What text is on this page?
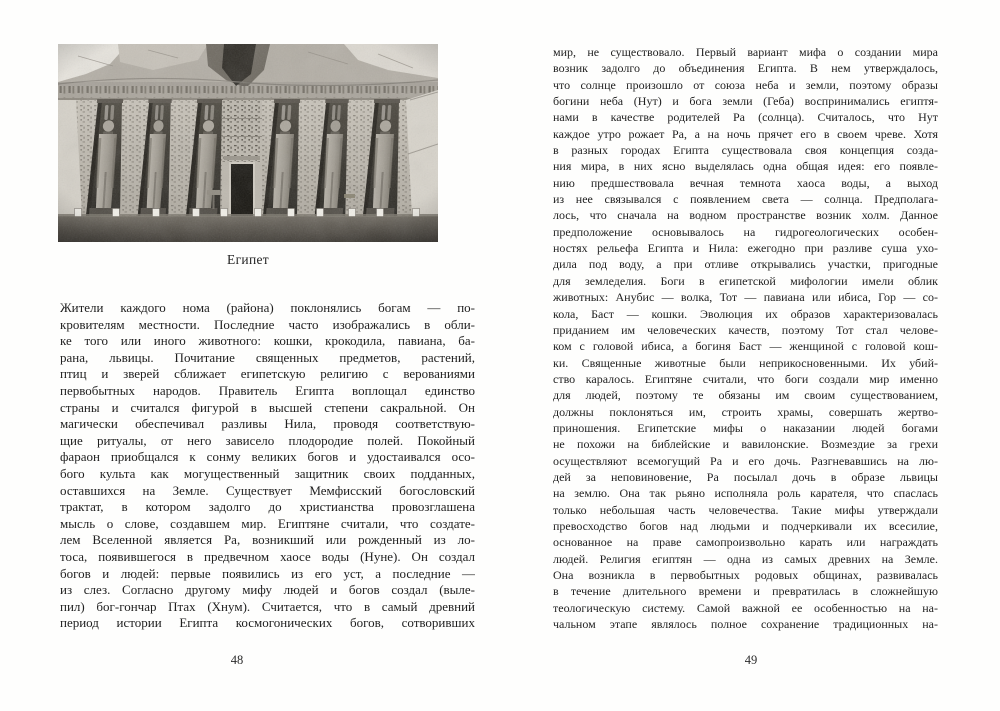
Египет
Жители каждого нома (района) поклонялись богам — по-
кровителям местности. Последние часто изображались в обли-
ке того или иного животного: кошки, крокодила, павиана, ба-
рана, львицы. Почитание священных предметов, растений,
птиц и зверей сближает египетскую религию с верованиями
первобытных народов. Правитель Египта воплощал единство
страны и считался фигурой в высшей степени сакральной. Он
магически обеспечивал разливы Нила, проводя соответствую-
щие ритуалы, от него зависело плодородие полей. Покойный
фараон приобщался к сонму великих богов и удостаивался осо-
бого культа как могущественный защитник своих подданных,
оставшихся на Земле. Существует Мемфисский богословский
трактат, в котором задолго до христианства провозглашена
мысль о слове, создавшем мир. Египтяне считали, что создате-
лем Вселенной является Ра, возникший или рожденный из ло-
тоса, появившегося в предвечном хаосе воды (Нуне). Он создал
богов и людей: первые появились из его уст, а последние —
из слез. Согласно другому мифу людей и богов создал (выле-
пил) бог-гончар Птах (Хнум). Считается, что в самый древний
период истории Египта космогонических богов, сотворивших
48
мир, не существовало. Первый вариант мифа о создании мира
возник задолго до объединения Египта. В нем утверждалось,
что солнце произошло от союза неба и земли, поэтому образы
богини неба (Нут) и бога земли (Геба) воспринимались египтя-
нами в качестве родителей Ра (солнца). Считалось, что Нут
каждое утро рожает Ра, а на ночь прячет его в своем чреве. Хотя
в разных городах Египта существовала своя концепция созда-
ния мира, в них ясно выделялась одна общая идея: его появле-
нию предшествовала вечная темнота хаоса воды, а выход
из нее связывался с появлением света — солнца. Предполага-
лось, что сначала на водном пространстве возник холм. Данное
предположение основывалось на гидрогеологических особен-
ностях рельефа Египта и Нила: ежегодно при разливе суша ухо-
дила под воду, а при отливе открывались участки, пригодные
для земледелия. Боги в египетской мифологии имели облик
животных: Анубис — волка, Тот — павиана или ибиса, Гор — со-
кола, Баст — кошки. Эволюция их образов характеризовалась
приданием им человеческих качеств, поэтому Тот стал челове-
ком с головой ибиса, а богиня Баст — женщиной с головой кош-
ки. Священные животные были неприкосновенными. Их убий-
ство каралось. Египтяне считали, что боги создали мир именно
для людей, поэтому те обязаны им своим существованием,
должны поклоняться им, строить храмы, совершать жертво-
приношения. Египетские мифы о наказании людей богами
не похожи на библейские и вавилонские. Возмездие за грехи
осуществляют всемогущий Ра и его дочь. Разгневавшись на лю-
дей за неповиновение, Ра посылал дочь в образе львицы
на землю. Она так рьяно исполняла роль карателя, что спаслась
только небольшая часть человечества. Такие мифы утверждали
превосходство богов над людьми и подчеркивали их всесилие,
основанное на праве самопроизвольно карать или награждать
людей. Религия египтян — одна из самых древних на Земле.
Она возникла в первобытных родовых общинах, развивалась
в течение длительного времени и превратилась в сложнейшую
теологическую систему. Самой важной ее особенностью на на-
чальном этапе являлось полное сохранение традиционных на-
49
